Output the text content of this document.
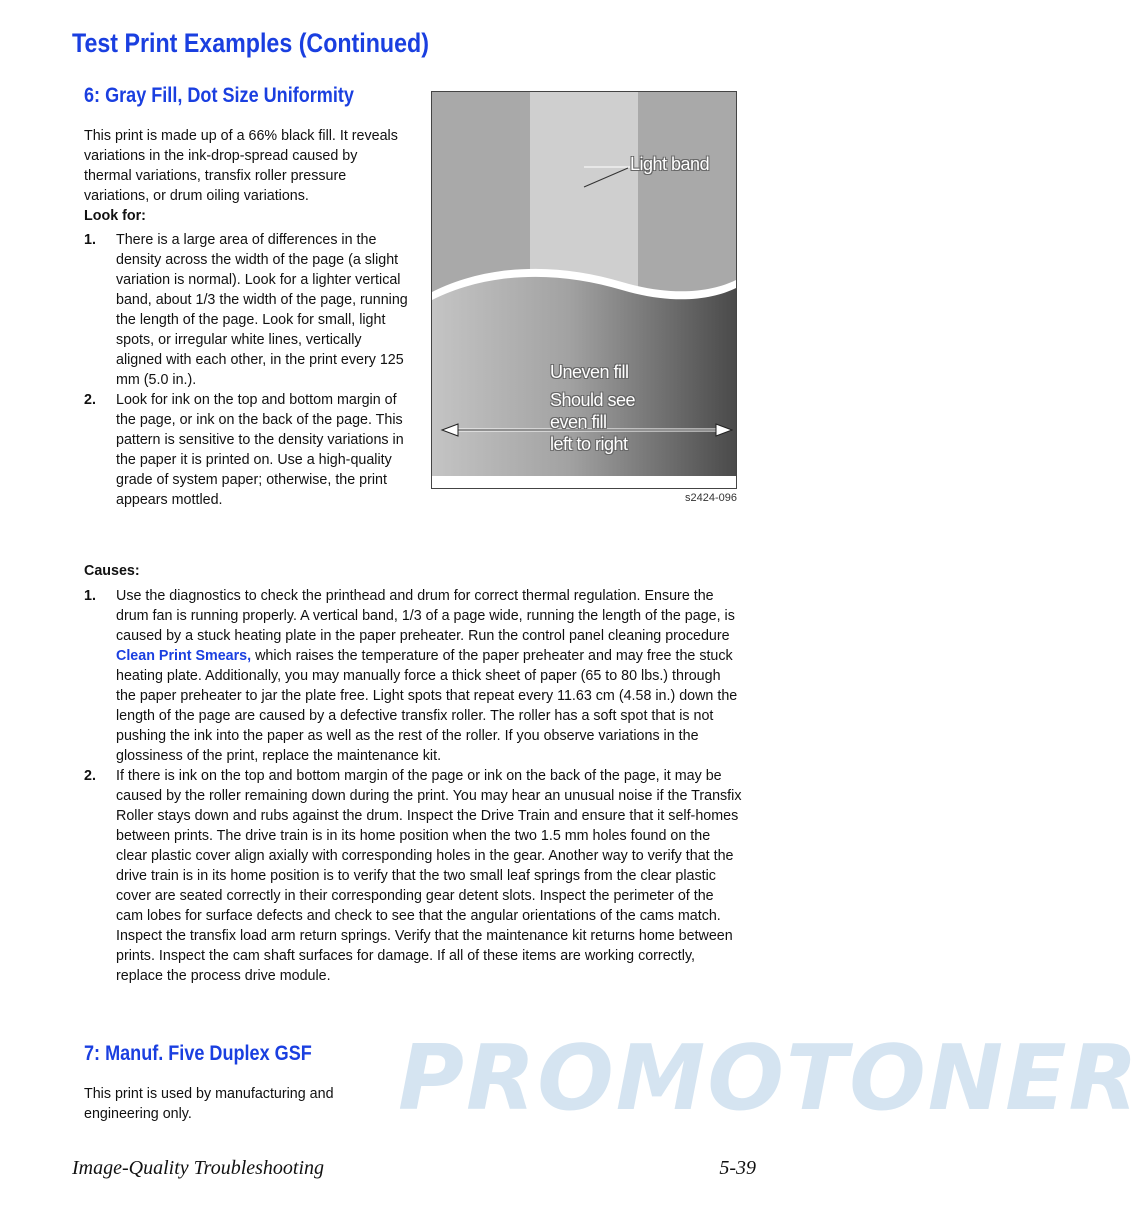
PROMOTONER
Test Print Examples (Continued)
6: Gray Fill, Dot Size Uniformity

This print is made up of a 66% black fill. It reveals variations in the ink-drop-spread caused by thermal variations, transfix roller pressure variations, or drum oiling variations.

Look for:
1.	There is a large area of differences in the density across the width of the page (a slight variation is normal). Look for a lighter vertical band, about 1/3 the width of the page, running the length of the page. Look for small, light spots, or irregular white lines, vertically aligned with each other, in the print every 125 mm (5.0 in.).
2.	Look for ink on the top and bottom margin of the page, or ink on the back of the page. This pattern is sensitive to the density variations in the paper it is printed on. Use a high-quality grade of system paper; otherwise, the print appears mottled.
Light band
Uneven fill
Should see
even fill
left to right
s2424-096
Causes:
1.	Use the diagnostics to check the printhead and drum for correct thermal regulation. Ensure the drum fan is running properly. A vertical band, 1/3 of a page wide, running the length of the page, is caused by a stuck heating plate in the paper preheater. Run the control panel cleaning procedure Clean Print Smears, which raises the temperature of the paper preheater and may free the stuck heating plate. Additionally, you may manually force a thick sheet of paper (65 to 80 lbs.) through the paper preheater to jar the plate free. Light spots that repeat every 11.63 cm (4.58 in.) down the length of the page are caused by a defective transfix roller. The roller has a soft spot that is not pushing the ink into the paper as well as the rest of the roller. If you observe variations in the glossiness of the print, replace the maintenance kit.
2.	If there is ink on the top and bottom margin of the page or ink on the back of the page, it may be caused by the roller remaining down during the print. You may hear an unusual noise if the Transfix Roller stays down and rubs against the drum. Inspect the Drive Train and ensure that it self-homes between prints. The drive train is in its home position when the two 1.5 mm holes found on the clear plastic cover align axially with corresponding holes in the gear. Another way to verify that the drive train is in its home position is to verify that the two small leaf springs from the clear plastic cover are seated correctly in their corresponding gear detent slots. Inspect the perimeter of the cam lobes for surface defects and check to see that the angular orientations of the cams match. Inspect the transfix load arm return springs. Verify that the maintenance kit returns home between prints. Inspect the cam shaft surfaces for damage. If all of these items are working correctly, replace the process drive module.
7: Manuf. Five Duplex GSF

This print is used by manufacturing and engineering only.

Image-Quality Troubleshooting	5-39
